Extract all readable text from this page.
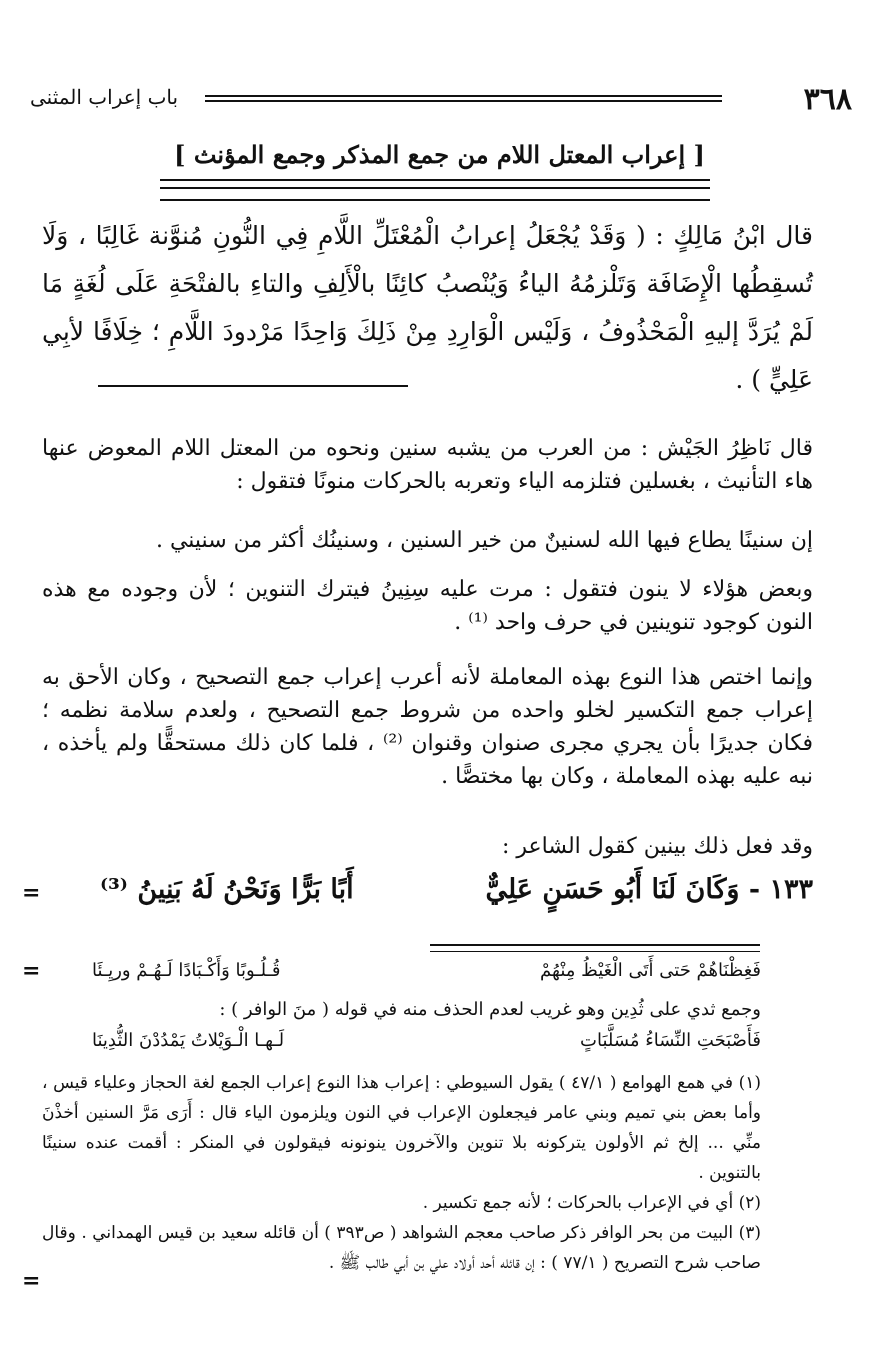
٣٦٨
باب إعراب المثنى
[ إعراب المعتل اللام من جمع المذكر وجمع المؤنث ]
قال ابْنُ مَالِكٍ : ( وَقَدْ يُجْعَلُ إعرابُ الْمُعْتَلِّ اللَّامِ فِي النُّونِ مُنوَّنة غَالِبًا ، وَلَا تُسقِطُها الْإِضَافَة وَتَلْزمُهُ الياءُ وَيُنْصبُ كائِنًا بالْأَلِفِ والتاءِ بالفتْحَةِ عَلَى لُغَةٍ مَا لَمْ يُرَدَّ إليهِ الْمَحْذُوفُ ، وَلَيْس الْوَارِدِ مِنْ ذَلِكَ وَاحِدًا مَرْدودَ اللَّامِ ؛ خِلَافًا لأبِي عَلِيٍّ ) .

قال نَاظِرُ الجَيْش : من العرب من يشبه سنين ونحوه من المعتل اللام المعوض عنها هاء التأنيث ، بغسلين فتلزمه الياء وتعربه بالحركات منونًا فتقول :

إن سنينًا يطاع فيها الله لسنينٌ من خير السنين ، وسنينُك أكثر من سنيني .

وبعض هؤلاء لا ينون فتقول : مرت عليه سِنِينُ فيترك التنوين ؛ لأن وجوده مع هذه النون كوجود تنوينين في حرف واحد ⁽¹⁾ .

وإنما اختص هذا النوع بهذه المعاملة لأنه أعرب إعراب جمع التصحيح ، وكان الأحق به إعراب جمع التكسير لخلو واحده من شروط جمع التصحيح ، ولعدم سلامة نظمه ؛ فكان جديرًا بأن يجري مجرى صنوان وقنوان ⁽²⁾ ، فلما كان ذلك مستحقًّا ولم يأخذه ، نبه عليه بهذه المعاملة ، وكان بها مختصًّا .

وقد فعل ذلك بينين كقول الشاعر :

١٣٣ - وَكَانَ لَنَا أَبُو حَسَنٍ عَلِيٌّ
أَبًا بَرًّا وَنَحْنُ لَهُ بَنِينُ ⁽³⁾
=
=	فَغِظْنَاهُمْ حَتى أَتَى الْغَيْظُ مِنْهُمْ
قُـلُـوبًا وَأَكْـبَادًا لَـهُـمْ وريِـئَا
وجمع ثدي على ثُدِين وهو غريب لعدم الحذف منه في قوله ( منَ الوافر ) :
فَأَصْبَحَتِ النِّسَاءُ مُسَلَّبَاتٍ
لَـهـا الْـوَيْلاتُ يَمْدُدْنَ الثُّدِينَا

(١) في همع الهوامع ( ٤٧/١ ) يقول السيوطي : إعراب هذا النوع إعراب الجمع لغة الحجاز وعلياء قيس ، وأما بعض بني تميم وبني عامر فيجعلون الإعراب في النون ويلزمون الياء قال : أَرَى مَرَّ السنين أخذْنَ منِّي ... إلخ ثم الأولون يتركونه بلا تنوين والآخرون ينونونه فيقولون في المنكر : أقمت عنده سنينًا بالتنوين .

(٢) أي في الإعراب بالحركات ؛ لأنه جمع تكسير .

(٣) البيت من بحر الوافر ذكر صاحب معجم الشواهد ( ص٣٩٣ ) أن قائله سعيد بن قيس الهمداني . وقال صاحب شرح التصريح ( ٧٧/١ ) : إن قائله أحد أولاد علي بن أبي طالب ﷺ .

=
